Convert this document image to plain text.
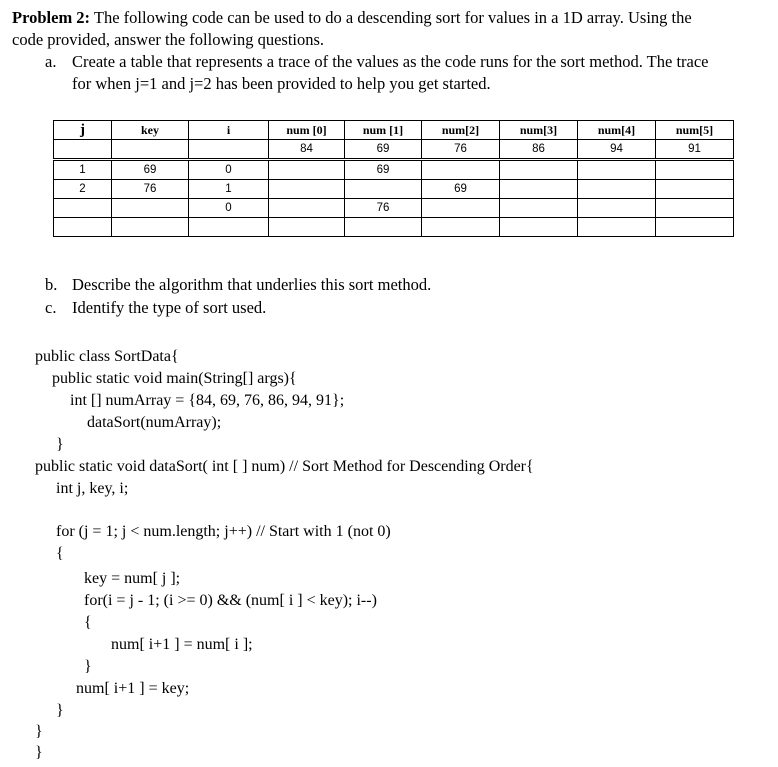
Problem 2: The following code can be used to do a descending sort for values in a 1D array. Using the
code provided, answer the following questions.
a. Create a table that represents a trace of the values as the code runs for the sort method. The trace
for when j=1 and j=2 has been provided to help you get started.
j	key	i	num [0]	num [1]	num[2]	num[3]	num[4]	num[5]
			84	69	76	86	94	91
1	69	0		69				
2	76	1			69			
		0		76				

b. Describe the algorithm that underlies this sort method.
c. Identify the type of sort used.
public class SortData{
public static void main(String[] args){
int [] numArray = {84, 69, 76, 86, 94, 91};
dataSort(numArray);
}
public static void dataSort( int [ ] num) // Sort Method for Descending Order{
int j, key, i;
for (j = 1; j < num.length; j++) // Start with 1 (not 0)
{
key = num[ j ];
for(i = j - 1; (i >= 0) && (num[ i ] < key); i--)
{
num[ i+1 ] = num[ i ];
}
num[ i+1 ] = key;
}
}
}
